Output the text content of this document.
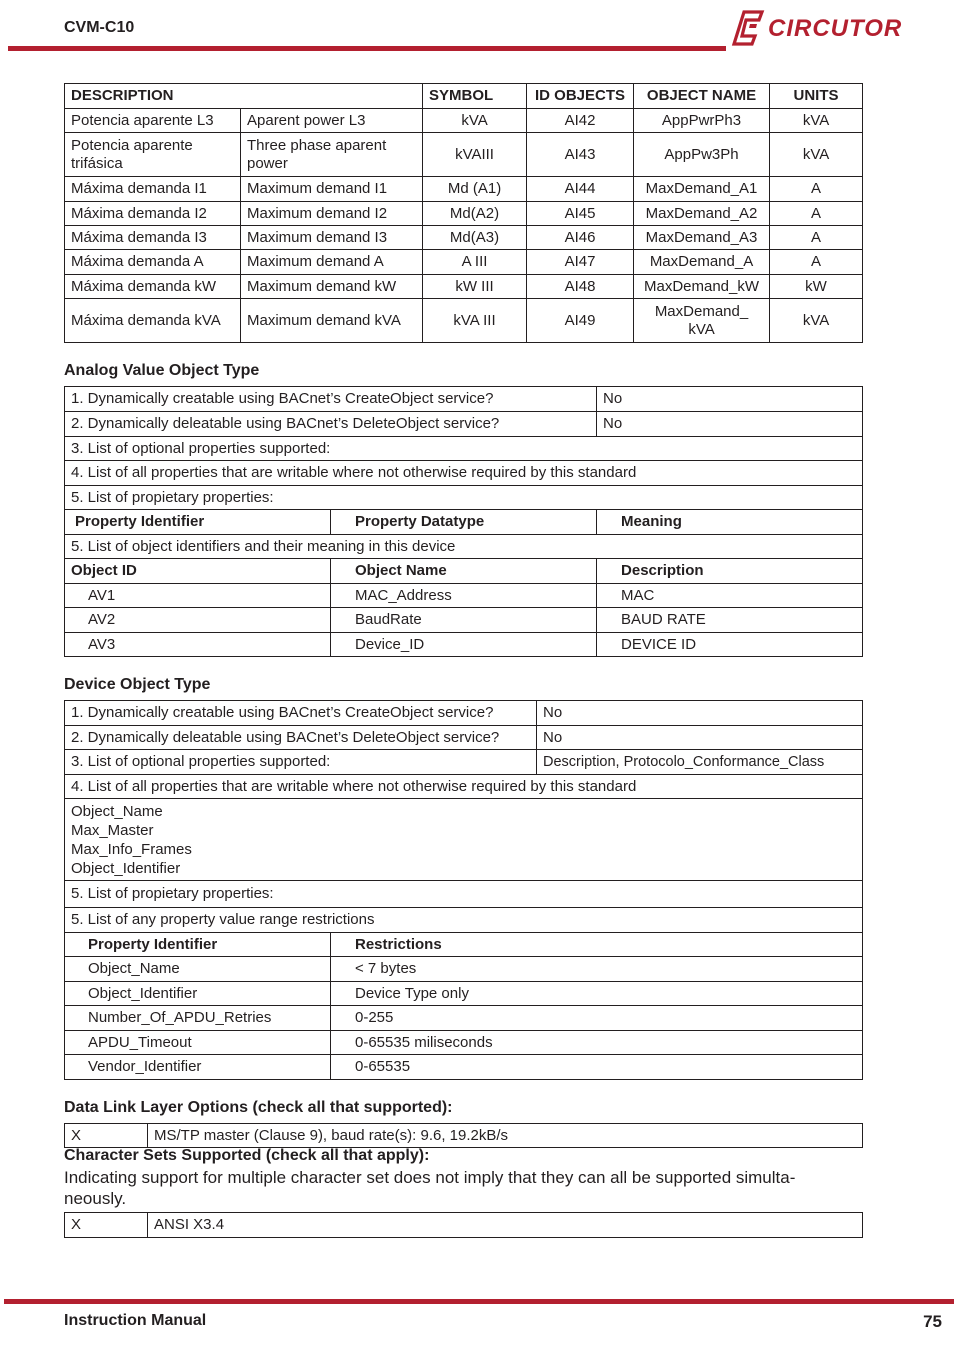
CVM-C10	CIRCUTOR
DESCRIPTION		SYMBOL	ID OBJECTS	OBJECT NAME	UNITS
Potencia aparente L3	Aparent power L3	kVA	AI42	AppPwrPh3	kVA
Potencia aparente trifásica	Three phase aparent power	kVAIII	AI43	AppPw3Ph	kVA
Máxima demanda I1	Maximum demand I1	Md (A1)	AI44	MaxDemand_A1	A
Máxima demanda I2	Maximum demand I2	Md(A2)	AI45	MaxDemand_A2	A
Máxima demanda I3	Maximum demand I3	Md(A3)	AI46	MaxDemand_A3	A
Máxima demanda A	Maximum demand A	A III	AI47	MaxDemand_A	A
Máxima demanda kW	Maximum demand kW	kW III	AI48	MaxDemand_kW	kW
Máxima demanda kVA	Maximum demand kVA	kVA III	AI49	MaxDemand_ kVA	kVA
Analog Value Object Type
1. Dynamically creatable using BACnet’s CreateObject service?		No
2. Dynamically deleatable using BACnet’s DeleteObject service?		No
3. List of optional properties supported:		
4. List of all properties that are writable where not otherwise required by this standard		
5. List of propietary properties:		
Property Identifier	Property Datatype	Meaning
5. List of object identifiers and their meaning in this device		
Object ID	Object Name	Description
AV1	MAC_Address	MAC
AV2	BaudRate	BAUD RATE
AV3	Device_ID	DEVICE ID
Device Object Type
1. Dynamically creatable using BACnet’s CreateObject service?		No
2. Dynamically deleatable using BACnet’s DeleteObject service?		No
3. List of optional properties supported:		Description, Protocolo_Conformance_Class
4. List of all properties that are writable where not otherwise required by this standard		

Object_Name
Max_Master
Max_Info_Frames
Object_Identifier		

5. List of propietary properties:		
5. List of any property value range restrictions		
Property Identifier	Restrictions	
Object_Name	< 7 bytes	
Object_Identifier	Device Type only	
Number_Of_APDU_Retries	0-255	
APDU_Timeout	0-65535 miliseconds	
Vendor_Identifier	0-65535	
Data Link Layer Options (check all that supported):
X	MS/TP master (Clause 9), baud rate(s): 9.6, 19.2kB/s
Character Sets Supported (check all that apply):
Indicating support for multiple character set does not imply that they can all be supported simulta-neously.
X	ANSI X3.4
Instruction Manual	75
